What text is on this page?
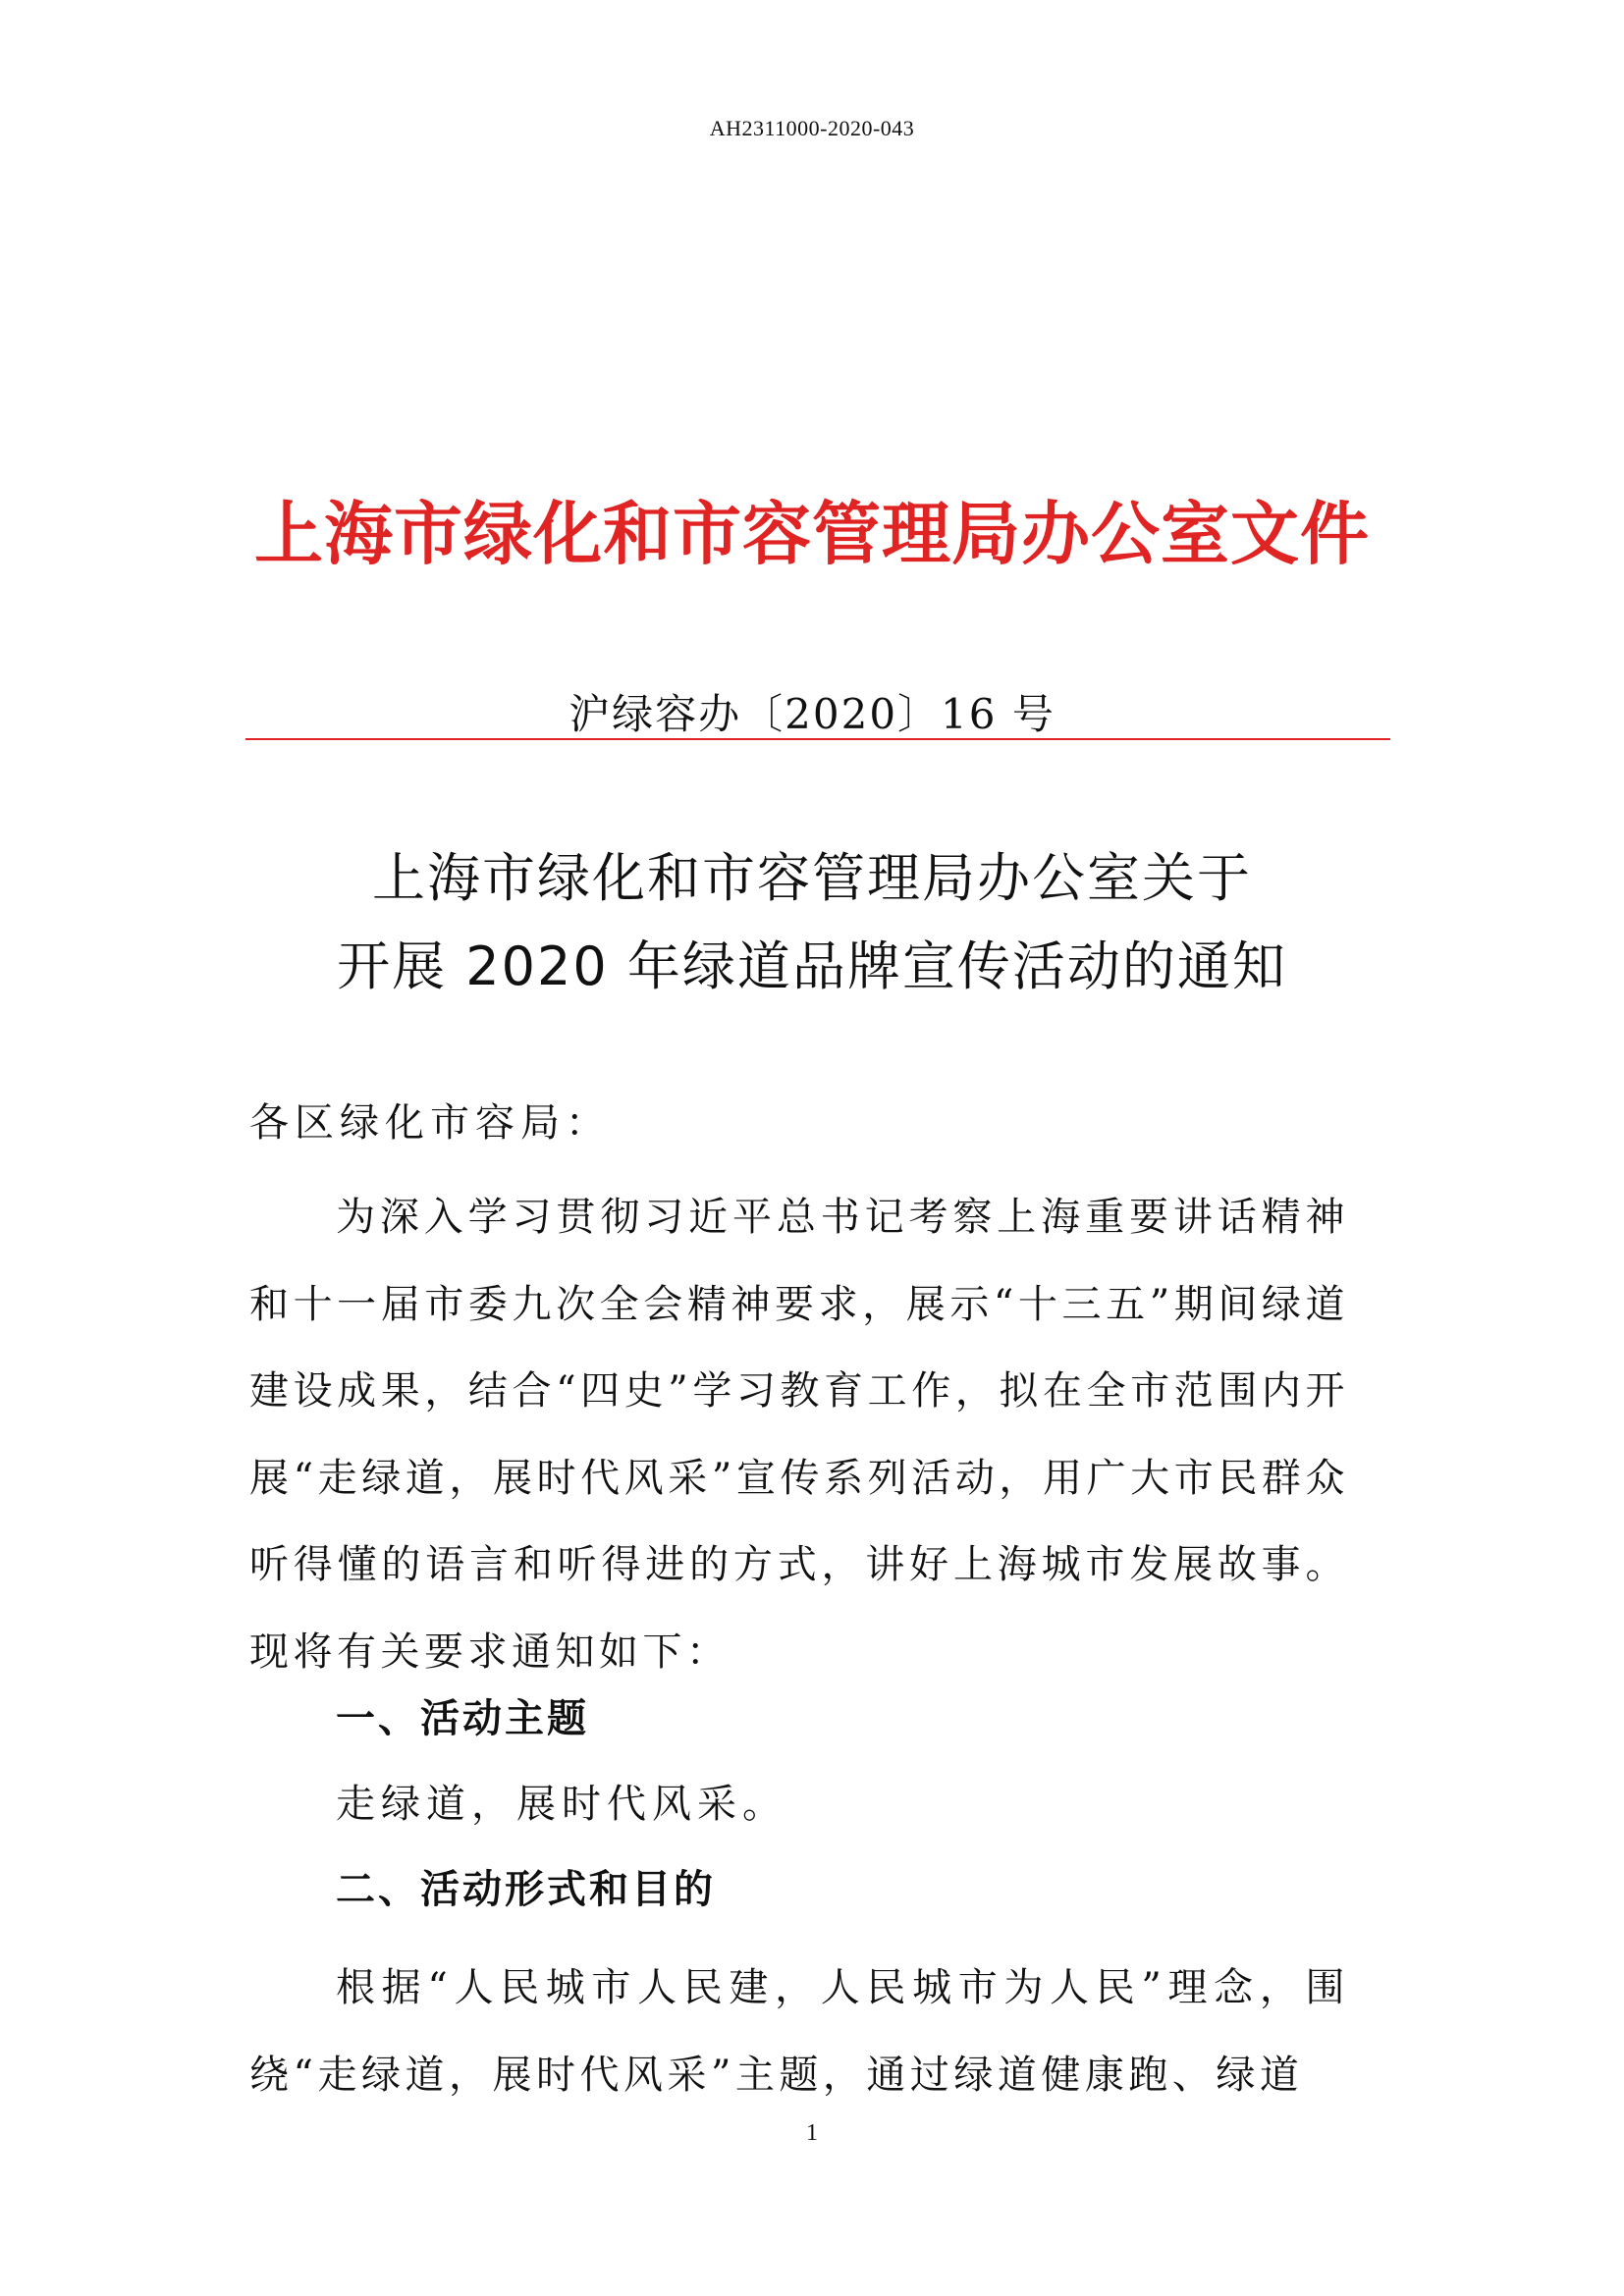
AH2311000-2020-043
上海市绿化和市容管理局办公室文件
沪绿容办〔2020〕16 号
上海市绿化和市容管理局办公室关于
开展 2020 年绿道品牌宣传活动的通知
各区绿化市容局：
为深入学习贯彻习近平总书记考察上海重要讲话精神和十一届市委九次全会精神要求，展示“十三五”期间绿道建设成果，结合“四史”学习教育工作，拟在全市范围内开展“走绿道，展时代风采”宣传系列活动，用广大市民群众听得懂的语言和听得进的方式，讲好上海城市发展故事。现将有关要求通知如下：
一、活动主题
走绿道，展时代风采。
二、活动形式和目的
根据“人民城市人民建，人民城市为人民”理念，围绕“走绿道，展时代风采”主题，通过绿道健康跑、绿道
1
